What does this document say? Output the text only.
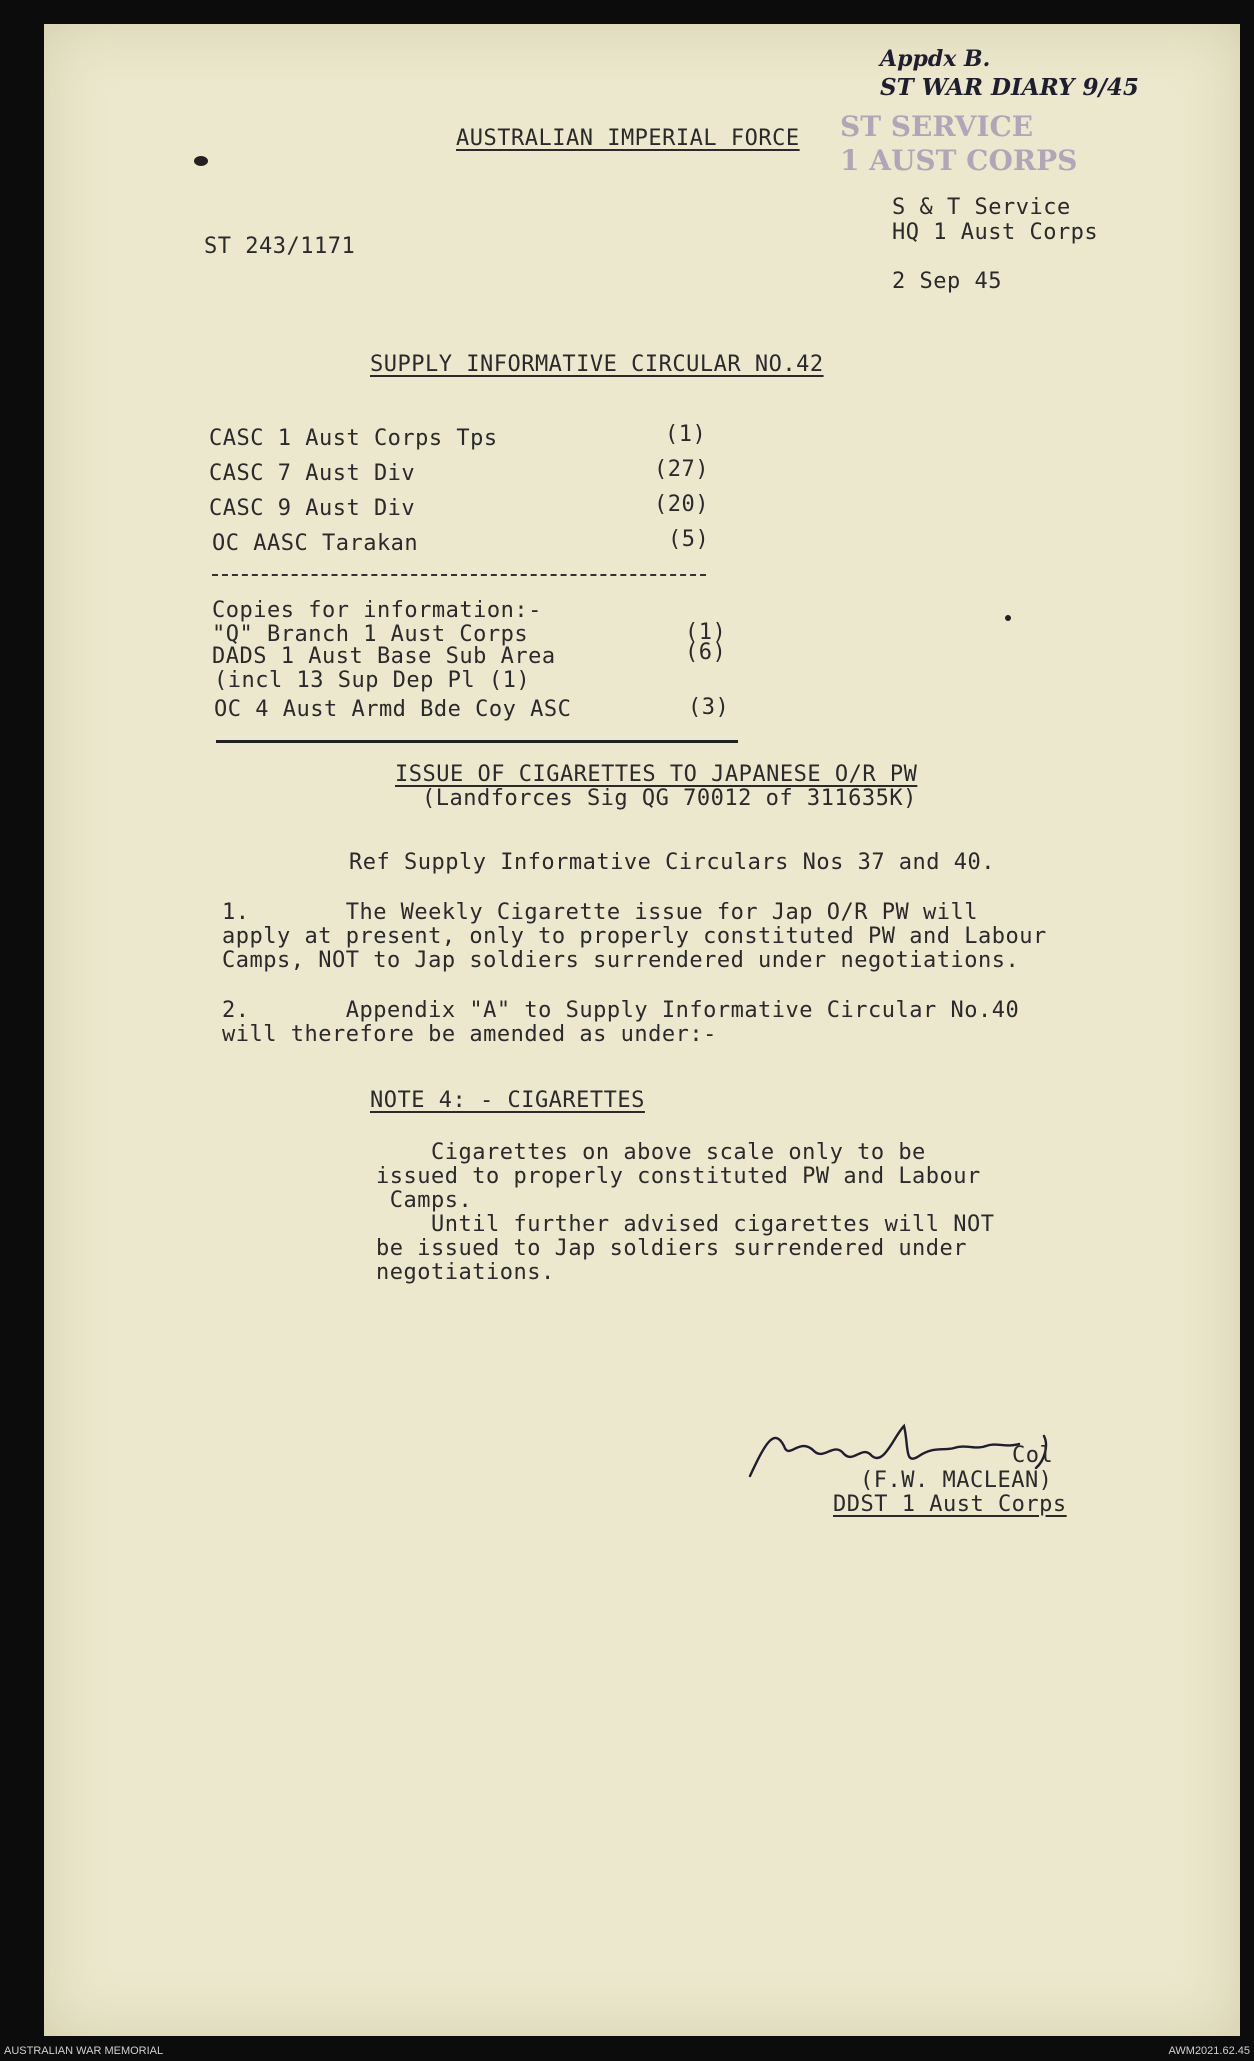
Appdx B.
ST WAR DIARY 9/45
ST SERVICE
1 AUST CORPS
AUSTRALIAN IMPERIAL FORCE
ST 243/1171
S & T Service
HQ 1 Aust Corps
2 Sep 45
SUPPLY INFORMATIVE CIRCULAR NO.42
CASC 1 Aust Corps Tps	(1)
CASC 7 Aust Div	(27)
CASC 9 Aust Div	(20)
OC AASC Tarakan	(5)
Copies for information:-
"Q" Branch 1 Aust Corps	(1)
DADS 1 Aust Base Sub Area	(6)
(incl 13 Sup Dep Pl (1)
OC 4 Aust Armd Bde Coy ASC	(3)
ISSUE OF CIGARETTES TO JAPANESE O/R PW
(Landforces Sig QG 70012 of 311635K)
Ref Supply Informative Circulars Nos 37 and 40.
1.       The Weekly Cigarette issue for Jap O/R PW will
apply at present, only to properly constituted PW and Labour
Camps, NOT to Jap soldiers surrendered under negotiations.
2.       Appendix "A" to Supply Informative Circular No.40
will therefore be amended as under:-
NOTE 4: - CIGARETTES
Cigarettes on above scale only to be
issued to properly constituted PW and Labour
Camps.
Until further advised cigarettes will NOT
be issued to Jap soldiers surrendered under
negotiations.
Col
(F.W. MACLEAN)
DDST 1 Aust Corps
AUSTRALIAN WAR MEMORIAL	AWM2021.62.45
